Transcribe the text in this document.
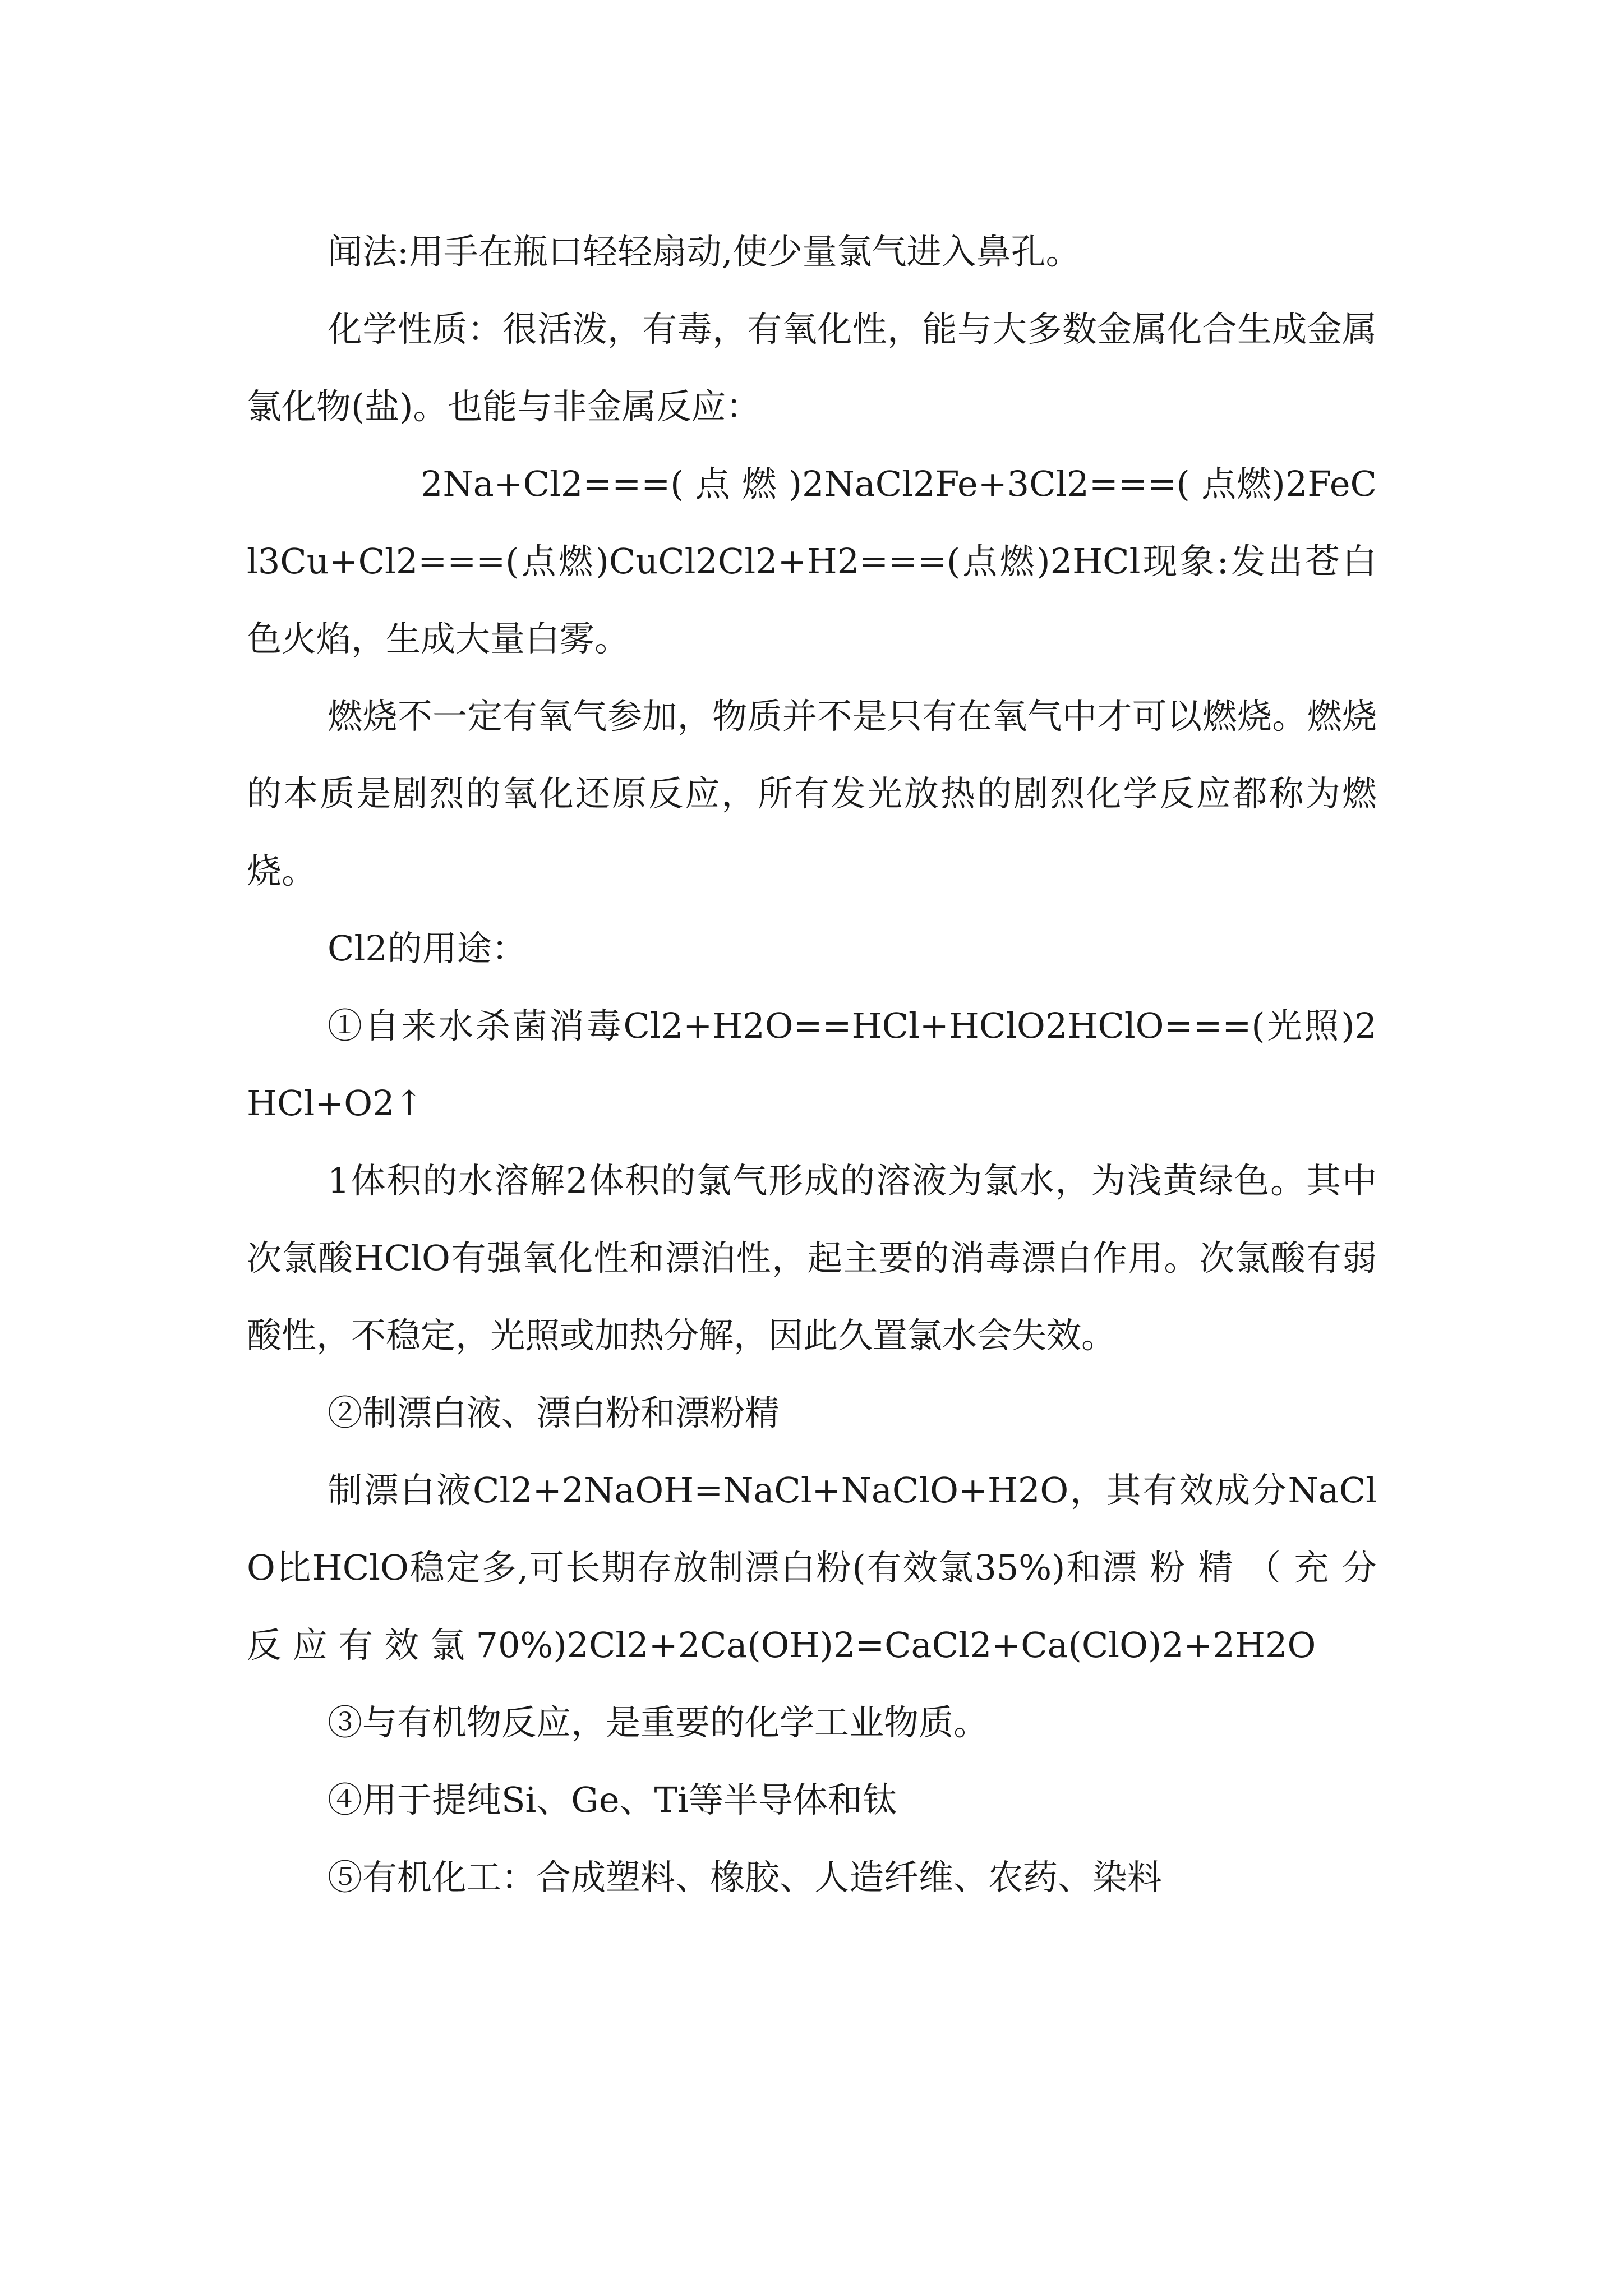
闻法:用手在瓶口轻轻扇动,使少量氯气进入鼻孔。

化学性质：很活泼，有毒，有氧化性，能与大多数金属化合生成金属氯化物(盐)。也能与非金属反应：

2Na+Cl2===( 点 燃 )2NaCl2Fe+3Cl2===( 点燃)2FeCl3Cu+Cl2===(点燃)CuCl2Cl2+H2===(点燃)2HCl现象:发出苍白色火焰，生成大量白雾。

燃烧不一定有氧气参加，物质并不是只有在氧气中才可以燃烧。燃烧的本质是剧烈的氧化还原反应，所有发光放热的剧烈化学反应都称为燃烧。

Cl2的用途：

①自来水杀菌消毒Cl2+H2O==HCl+HClO2HClO===(光照)2HCl+O2↑

1体积的水溶解2体积的氯气形成的溶液为氯水，为浅黄绿色。其中次氯酸HClO有强氧化性和漂泊性，起主要的消毒漂白作用。次氯酸有弱酸性，不稳定，光照或加热分解，因此久置氯水会失效。

②制漂白液、漂白粉和漂粉精

制漂白液Cl2+2NaOH=NaCl+NaClO+H2O，其有效成分NaClO比HClO稳定多,可长期存放制漂白粉(有效氯35%)和漂 粉 精 （ 充 分 反 应 有 效 氯 70%)2Cl2+2Ca(OH)2=CaCl2+Ca(ClO)2+2H2O

③与有机物反应，是重要的化学工业物质。

④用于提纯Si、Ge、Ti等半导体和钛

⑤有机化工：合成塑料、橡胶、人造纤维、农药、染料
